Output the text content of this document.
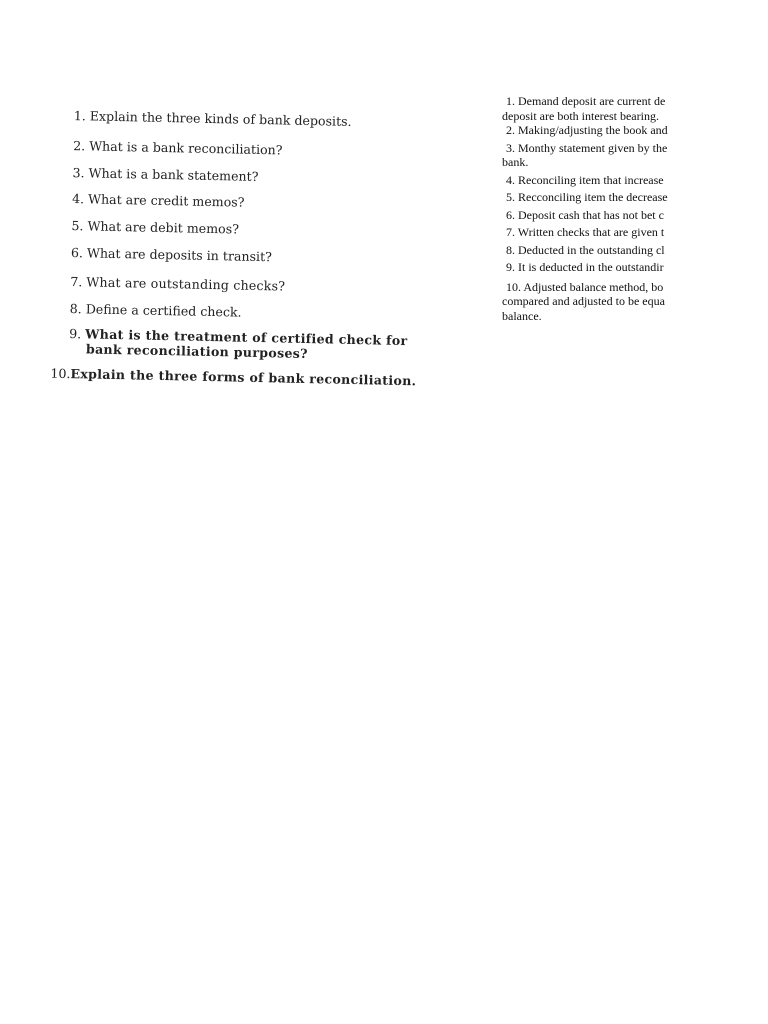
1. Explain the three kinds of bank deposits.
2. What is a bank reconciliation?
3. What is a bank statement?
4. What are credit memos?
5. What are debit memos?
6. What are deposits in transit?
7. What are outstanding checks?
8. Define a certified check.
9. What is the treatment of certified check for bank reconciliation purposes?
10.Explain the three forms of bank reconciliation.
1. Demand deposit are current de
deposit are both interest bearing.
2. Making/adjusting the book and
3. Monthy statement given by the
bank.
4. Reconciling item that increase
5. Recconciling item the decrease
6. Deposit cash that has not bet c
7. Written checks that are given t
8. Deducted in the outstanding cl
9. It is deducted in the outstandir
10. Adjusted balance method, bo
compared and adjusted to be equa
balance.
